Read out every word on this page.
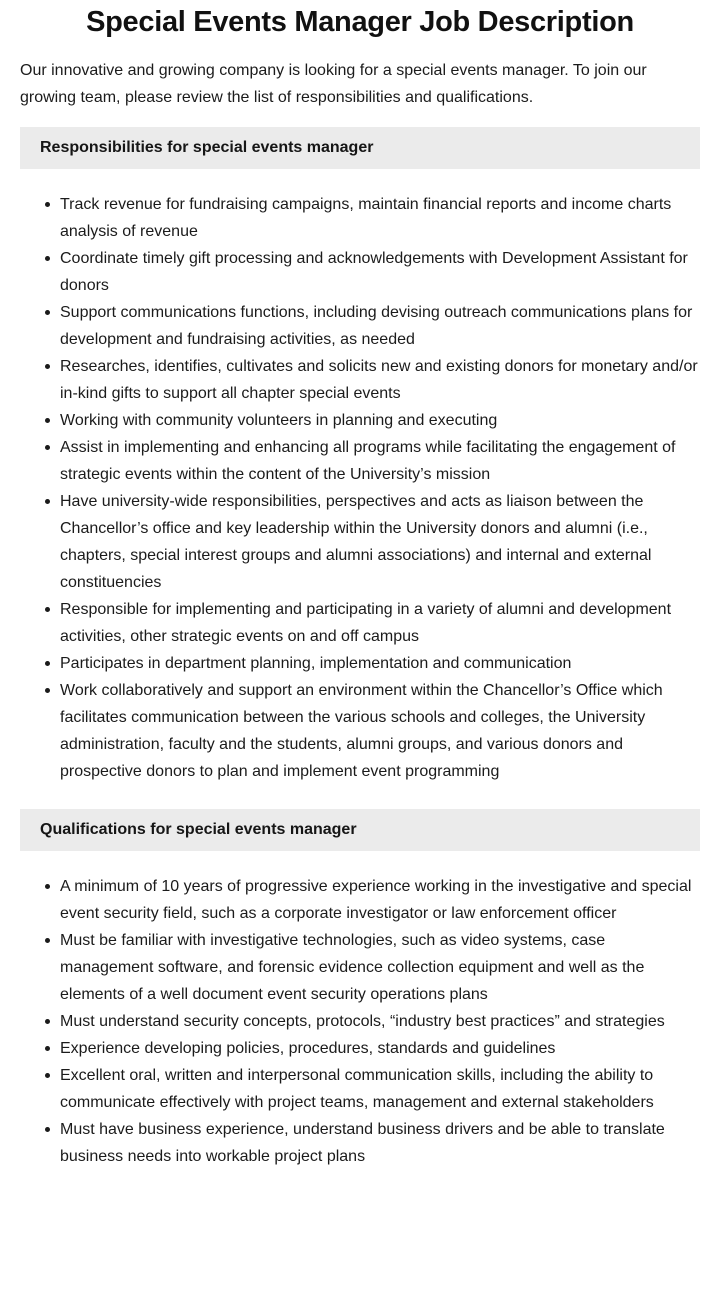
Special Events Manager Job Description

Our innovative and growing company is looking for a special events manager. To join our growing team, please review the list of responsibilities and qualifications.

Responsibilities for special events manager
Track revenue for fundraising campaigns, maintain financial reports and income charts analysis of revenue
Coordinate timely gift processing and acknowledgements with Development Assistant for donors
Support communications functions, including devising outreach communications plans for development and fundraising activities, as needed
Researches, identifies, cultivates and solicits new and existing donors for monetary and/or in-kind gifts to support all chapter special events
Working with community volunteers in planning and executing
Assist in implementing and enhancing all programs while facilitating the engagement of strategic events within the content of the University’s mission
Have university-wide responsibilities, perspectives and acts as liaison between the Chancellor’s office and key leadership within the University donors and alumni (i.e., chapters, special interest groups and alumni associations) and internal and external constituencies
Responsible for implementing and participating in a variety of alumni and development activities, other strategic events on and off campus
Participates in department planning, implementation and communication
Work collaboratively and support an environment within the Chancellor’s Office which facilitates communication between the various schools and colleges, the University administration, faculty and the students, alumni groups, and various donors and prospective donors to plan and implement event programming
Qualifications for special events manager
A minimum of 10 years of progressive experience working in the investigative and special event security field, such as a corporate investigator or law enforcement officer
Must be familiar with investigative technologies, such as video systems, case management software, and forensic evidence collection equipment and well as the elements of a well document event security operations plans
Must understand security concepts, protocols, “industry best practices” and strategies
Experience developing policies, procedures, standards and guidelines
Excellent oral, written and interpersonal communication skills, including the ability to communicate effectively with project teams, management and external stakeholders
Must have business experience, understand business drivers and be able to translate business needs into workable project plans
